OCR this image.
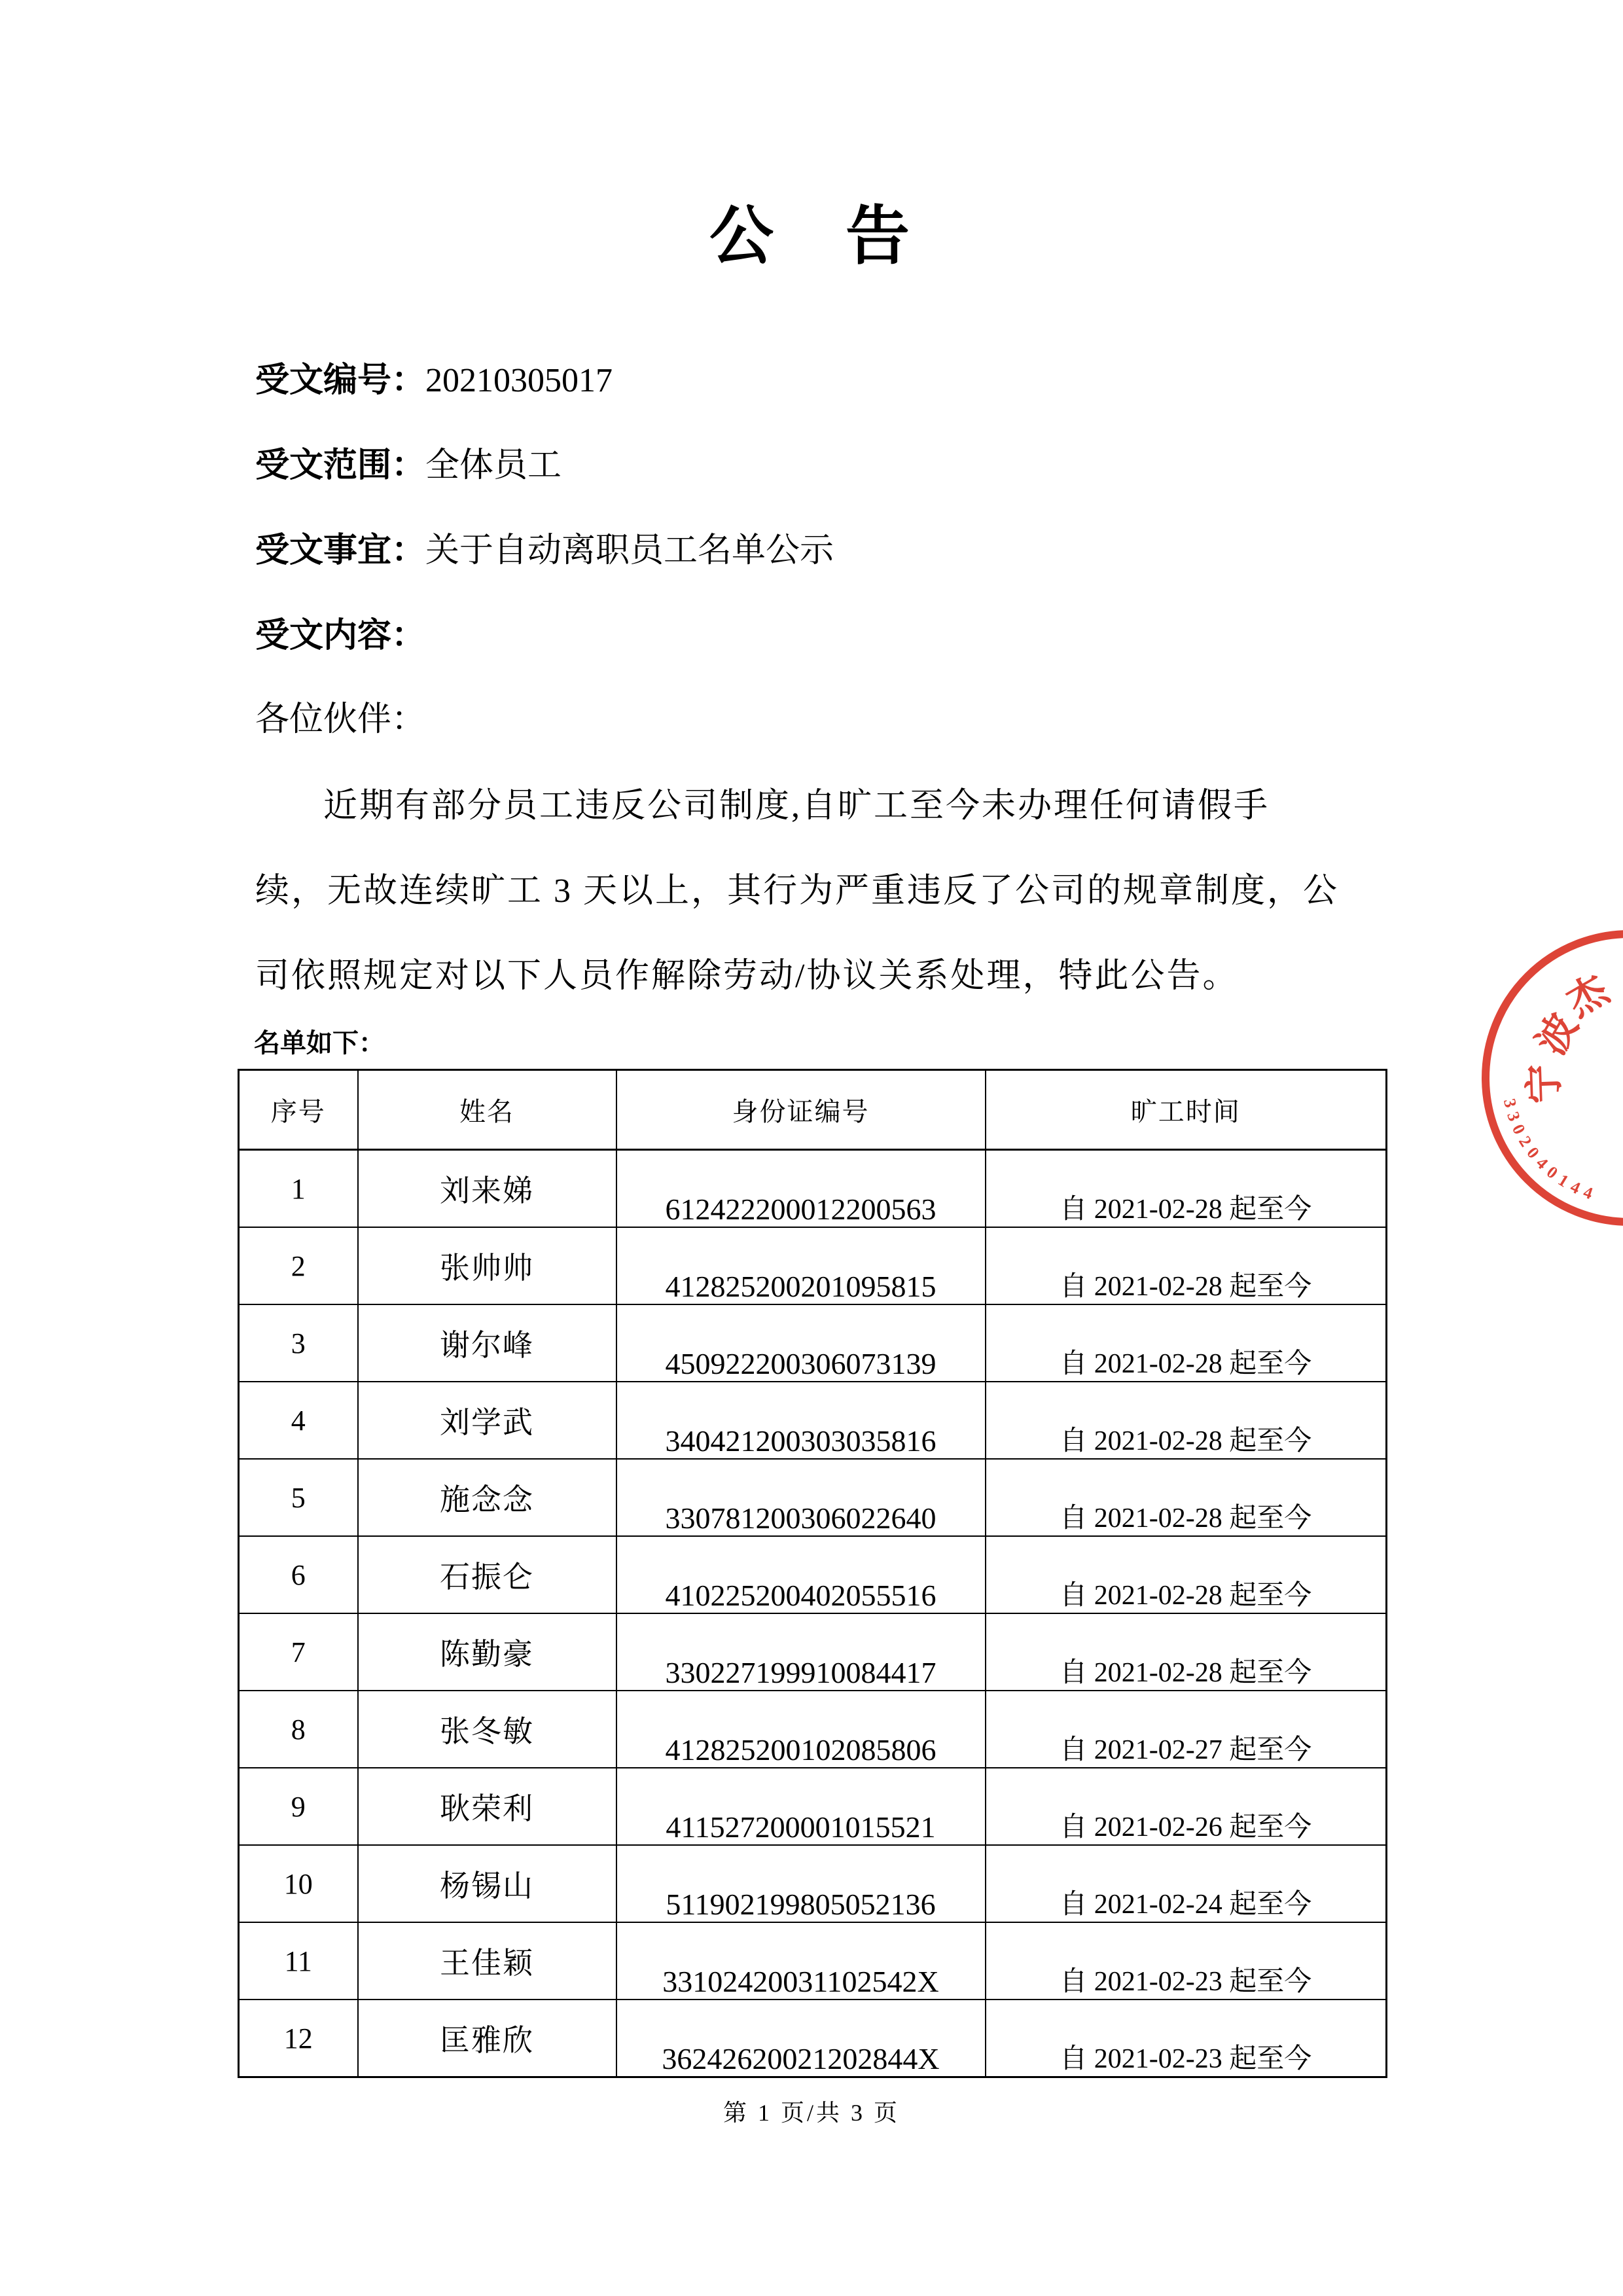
公　告
受文编号：20210305017
受文范围：全体员工
受文事宜：关于自动离职员工名单公示
受文内容：
各位伙伴：
近期有部分员工违反公司制度,自旷工至今未办理任何请假手
续，无故连续旷工 3 天以上，其行为严重违反了公司的规章制度，公
司依照规定对以下人员作解除劳动/协议关系处理，特此公告。
名单如下：
序号	姓名	身份证编号	旷工时间
1	刘来娣	612422200012200563	自 2021-02-28 起至今
2	张帅帅	412825200201095815	自 2021-02-28 起至今
3	谢尔峰	450922200306073139	自 2021-02-28 起至今
4	刘学武	340421200303035816	自 2021-02-28 起至今
5	施念念	330781200306022640	自 2021-02-28 起至今
6	石振仑	410225200402055516	自 2021-02-28 起至今
7	陈勤豪	330227199910084417	自 2021-02-28 起至今
8	张冬敏	412825200102085806	自 2021-02-27 起至今
9	耿荣利	411527200001015521	自 2021-02-26 起至今
10	杨锡山	511902199805052136	自 2021-02-24 起至今
11	王佳颖	33102420031102542X	自 2021-02-23 起至今
12	匡雅欣	36242620021202844X	自 2021-02-23 起至今
第 1 页/共 3 页
宁
波
杰
3302040144
